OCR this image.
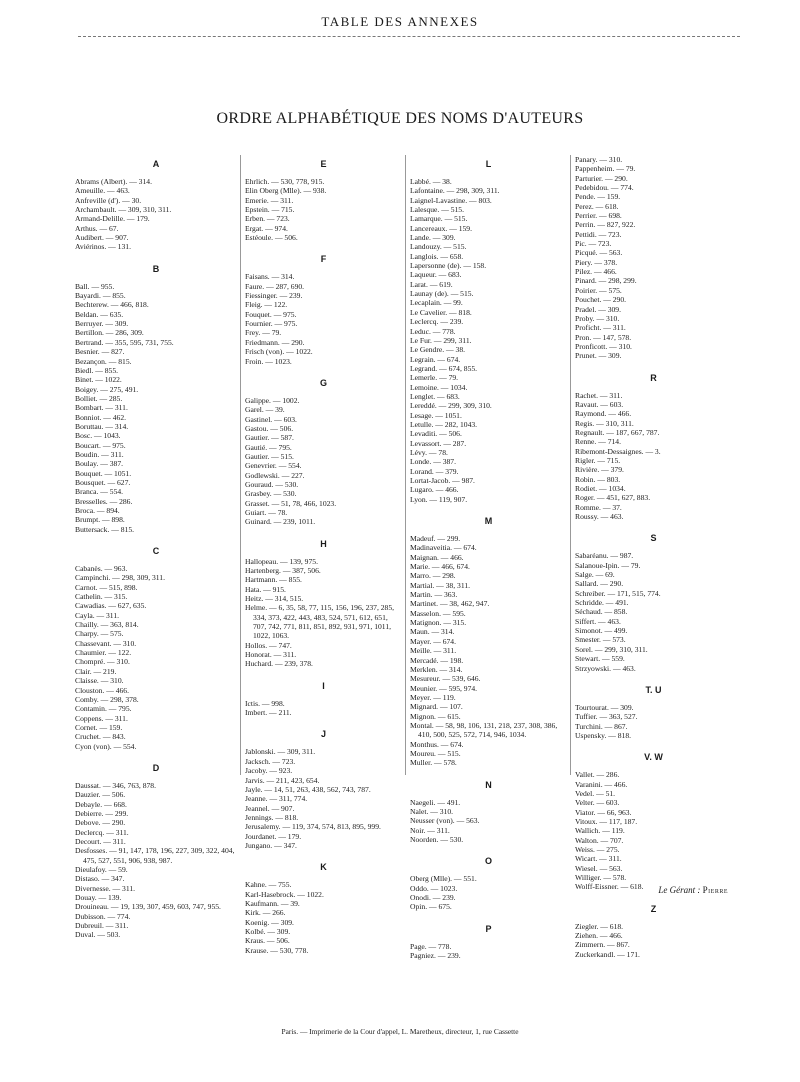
TABLE DES ANNEXES
ORDRE ALPHABÉTIQUE DES NOMS D'AUTEURS
A
Abrams (Albert). — 314.
Ameuille. — 463.
Anfreville (d'). — 30.
Archambault. — 309, 310, 311.
Armand-Delille. — 179.
Arthus. — 67.
Audibert. — 907.
Aviérinos. — 131.
B
Ball. — 955.
Bayardi. — 855.
Bechterew. — 466, 818.
Beldan. — 635.
Berruyer. — 309.
Bertillon. — 286, 309.
Bertrand. — 355, 595, 731, 755.
Besnier. — 827.
Bezançon. — 815.
Biedl. — 855.
Binet. — 1022.
Boigey. — 275, 491.
Bolliet. — 285.
Bombart. — 311.
Bonniot. — 462.
Boruttau. — 314.
Bosc. — 1043.
Boucart. — 975.
Boudin. — 311.
Boulay. — 387.
Bouquet. — 1051.
Bousquet. — 627.
Branca. — 554.
Bresselles. — 286.
Broca. — 894.
Brumpt. — 898.
Buttersack. — 815.
C
Cabanès. — 963.
Campinchi. — 298, 309, 311.
Carnot. — 515, 898.
Cathelin. — 315.
Cawadias. — 627, 635.
Cayla. — 311.
Chailly. — 363, 814.
Charpy. — 575.
Chassevant. — 310.
Chaumier. — 122.
Chompré. — 310.
Clair. — 219.
Claisse. — 310.
Clouston. — 466.
Comby. — 298, 378.
Contamin. — 795.
Coppens. — 311.
Cornet. — 159.
Cruchet. — 843.
Cyon (von). — 554.
D
Daussat. — 346, 763, 878.
Dauzier. — 506.
Debayle. — 668.
Debierre. — 299.
Debove. — 290.
Declercq. — 311.
Decourt. — 311.
Desfosses. — 91, 147, 178, 196, 227, 309, 322, 404, 475, 527, 551, 906, 938, 987.
Dieulafoy. — 59.
Distaso. — 347.
Divernesse. — 311.
Douay. — 139.
Drouineau. — 19, 139, 307, 459, 603, 747, 955.
Dubisson. — 774.
Dubreuil. — 311.
Duval. — 503.
E
Ehrlich. — 530, 778, 915.
Elin Oberg (Mlle). — 938.
Emerie. — 311.
Epstein. — 715.
Erben. — 723.
Ergat. — 974.
Estéoule. — 506.
F
Faisans. — 314.
Faure. — 287, 690.
Fiessinger. — 239.
Fleig. — 122.
Fouquet. — 975.
Fournier. — 975.
Frey. — 79.
Friedmann. — 290.
Frisch (von). — 1022.
Froin. — 1023.
G
Galippe. — 1002.
Garel. — 39.
Gastinel. — 603.
Gastou. — 506.
Gautier. — 587.
Gautié. — 795.
Gautier. — 515.
Genevrier. — 554.
Godlewski. — 227.
Gouraud. — 530.
Grasbey. — 530.
Grasset. — 51, 78, 466, 1023.
Guiart. — 78.
Guinard. — 239, 1011.
H
Hallopeau. — 139, 975.
Hartenberg. — 387, 506.
Hartmann. — 855.
Hata. — 915.
Heitz. — 314, 515.
Helme. — 6, 35, 58, 77, 115, 156, 196, 237, 285, 334, 373, 422, 443, 483, 524, 571, 612, 651, 707, 742, 771, 811, 851, 892, 931, 971, 1011, 1022, 1063.
Hollos. — 747.
Honorat. — 311.
Huchard. — 239, 378.
I
Ictis. — 998.
Imbert. — 211.
J
Jablonski. — 309, 311.
Jacksch. — 723.
Jacoby. — 923.
Jarvis. — 211, 423, 654.
Jayle. — 14, 51, 263, 438, 562, 743, 787.
Jeanne. — 311, 774.
Jeannel. — 907.
Jennings. — 818.
Jerusalemy. — 119, 374, 574, 813, 895, 999.
Jourdanet. — 179.
Jungano. — 347.
K
Kahne. — 755.
Karl-Hasebrock. — 1022.
Kaufmann. — 39.
Kirk. — 266.
Koenig. — 309.
Kolbé. — 309.
Kraus. — 506.
Krause. — 530, 778.
L
Labbé. — 38.
Lafontaine. — 298, 309, 311.
Laignel-Lavastine. — 803.
Lalesque. — 515.
Lamarque. — 515.
Lancereaux. — 159.
Lande. — 309.
Landouzy. — 515.
Langlois. — 658.
Lapersonne (de). — 158.
Laqueur. — 683.
Larat. — 619.
Launay (de). — 515.
Lecaplain. — 99.
Le Cavelier. — 818.
Leclercq. — 239.
Leduc. — 778.
Le Fur. — 299, 311.
Le Gendre. — 38.
Legrain. — 674.
Legrand. — 674, 855.
Lemerle. — 79.
Lemoine. — 1034.
Lenglet. — 683.
Lereddé. — 299, 309, 310.
Lesage. — 1051.
Letulle. — 282, 1043.
Levaditi. — 506.
Levassort. — 287.
Lévy. — 78.
Londe. — 387.
Lorand. — 379.
Lortat-Jacob. — 987.
Lugaro. — 466.
Lyon. — 119, 907.
M
Madeuf. — 299.
Madinaveitia. — 674.
Maignan. — 466.
Marie. — 466, 674.
Marro. — 298.
Martial. — 38, 311.
Martin. — 363.
Martinet. — 38, 462, 947.
Masselon. — 595.
Matignon. — 315.
Maun. — 314.
Mayer. — 674.
Meille. — 311.
Mercadé. — 198.
Merklen. — 314.
Mesureur. — 539, 646.
Meunier. — 595, 974.
Meyer. — 119.
Mignard. — 107.
Mignon. — 615.
Montal. — 58, 98, 106, 131, 218, 237, 308, 386, 410, 500, 525, 572, 714, 946, 1034.
Monthus. — 674.
Moureu. — 515.
Muller. — 578.
N
Naegeli. — 491.
Nalet. — 310.
Neusser (von). — 563.
Noir. — 311.
Noorden. — 530.
O
Oberg (Mlle). — 551.
Oddo. — 1023.
Onodi. — 239.
Opin. — 675.
P
Page. — 778.
Pagniez. — 239.
Panary. — 310.
Pappenheim. — 79.
Parturier. — 290.
Pedebidou. — 774.
Pende. — 159.
Perez. — 618.
Perrier. — 698.
Perrin. — 827, 922.
Pettidi. — 723.
Pic. — 723.
Picqué. — 563.
Piery. — 378.
Pilez. — 466.
Pinard. — 298, 299.
Poirier. — 575.
Pouchet. — 290.
Pradel. — 309.
Proby. — 310.
Proficht. — 311.
Pron. — 147, 578.
Pronficott. — 310.
Prunet. — 309.
R
Rachet. — 311.
Ravaut. — 603.
Raymond. — 466.
Regis. — 310, 311.
Regnault. — 187, 667, 787.
Renne. — 714.
Ribemont-Dessaignes. — 3.
Rigler. — 715.
Rivière. — 379.
Robin. — 803.
Rodiet. — 1034.
Roger. — 451, 627, 883.
Romme. — 37.
Roussy. — 463.
S
Sabaréanu. — 987.
Salanoue-Ipin. — 79.
Salge. — 69.
Sallard. — 290.
Schreiber. — 171, 515, 774.
Schridde. — 491.
Séchaud. — 858.
Siffert. — 463.
Simonot. — 499.
Smester. — 573.
Sorel. — 299, 310, 311.
Stewart. — 559.
Strzyowski. — 463.
T. U
Tourtourat. — 309.
Tuffier. — 363, 527.
Turchini. — 867.
Uspensky. — 818.
V. W
Vallet. — 286.
Varanini. — 466.
Vedel. — 51.
Velter. — 603.
Viator. — 66, 963.
Vitoux. — 117, 187.
Wallich. — 119.
Walton. — 707.
Weiss. — 275.
Wicart. — 311.
Wiesel. — 563.
Williger. — 578.
Wolff-Eissner. — 618.
Z
Ziegler. — 618.
Ziehen. — 466.
Zimmern. — 867.
Zuckerkandl. — 171.
Le Gérant : Pierre
Paris. — Imprimerie de la Cour d'appel, L. Maretheux, directeur, 1, rue Cassette
